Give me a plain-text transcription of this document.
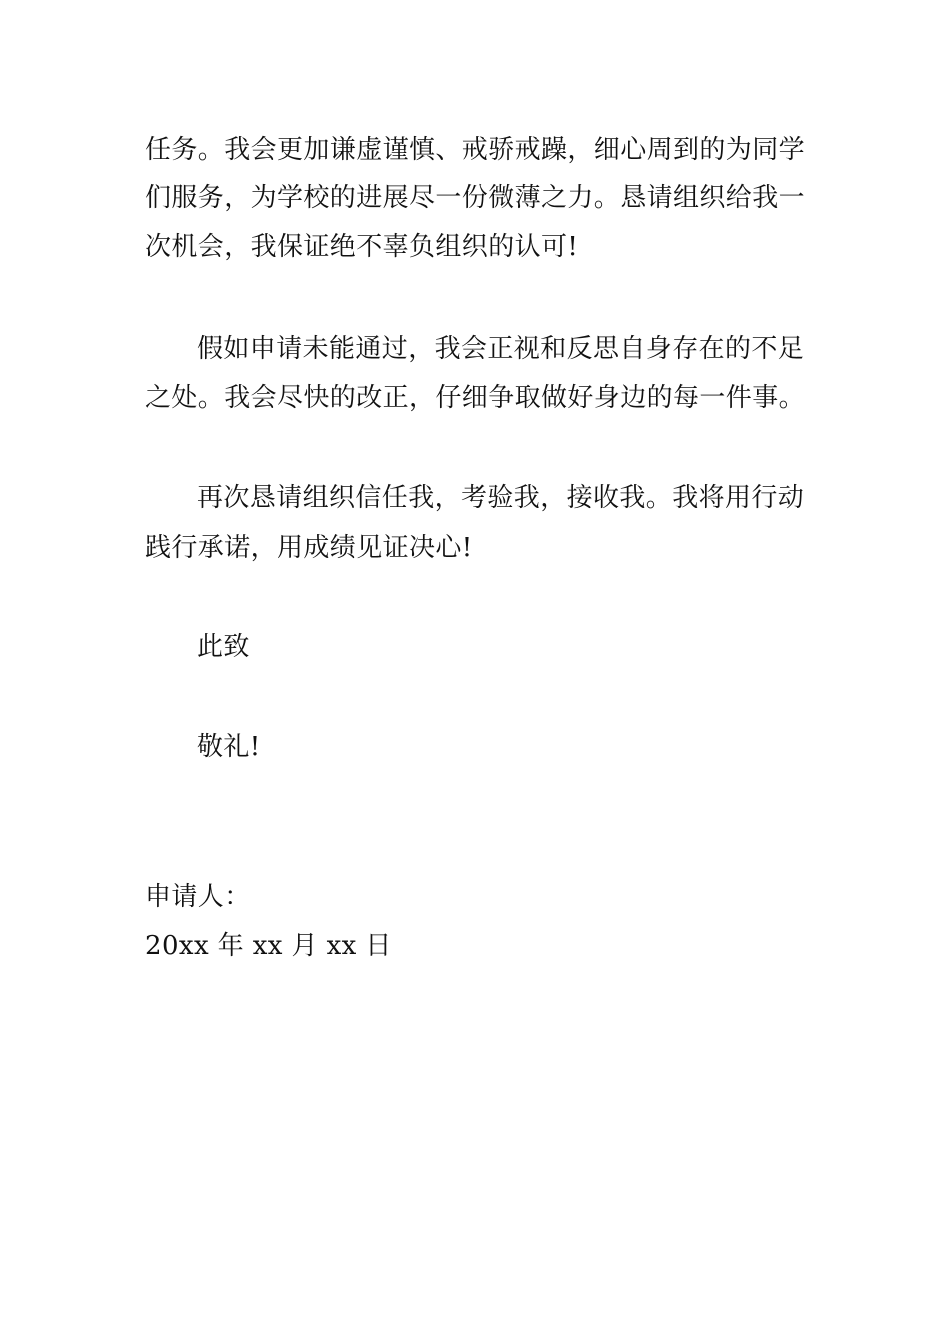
任务。我会更加谦虚谨慎、戒骄戒躁，细心周到的为同学
们服务，为学校的进展尽一份微薄之力。恳请组织给我一
次机会，我保证绝不辜负组织的认可!
假如申请未能通过，我会正视和反思自身存在的不足
之处。我会尽快的改正，仔细争取做好身边的每一件事。
再次恳请组织信任我，考验我，接收我。我将用行动
践行承诺，用成绩见证决心!
此致
敬礼!
申请人：
20xx 年 xx 月 xx 日
